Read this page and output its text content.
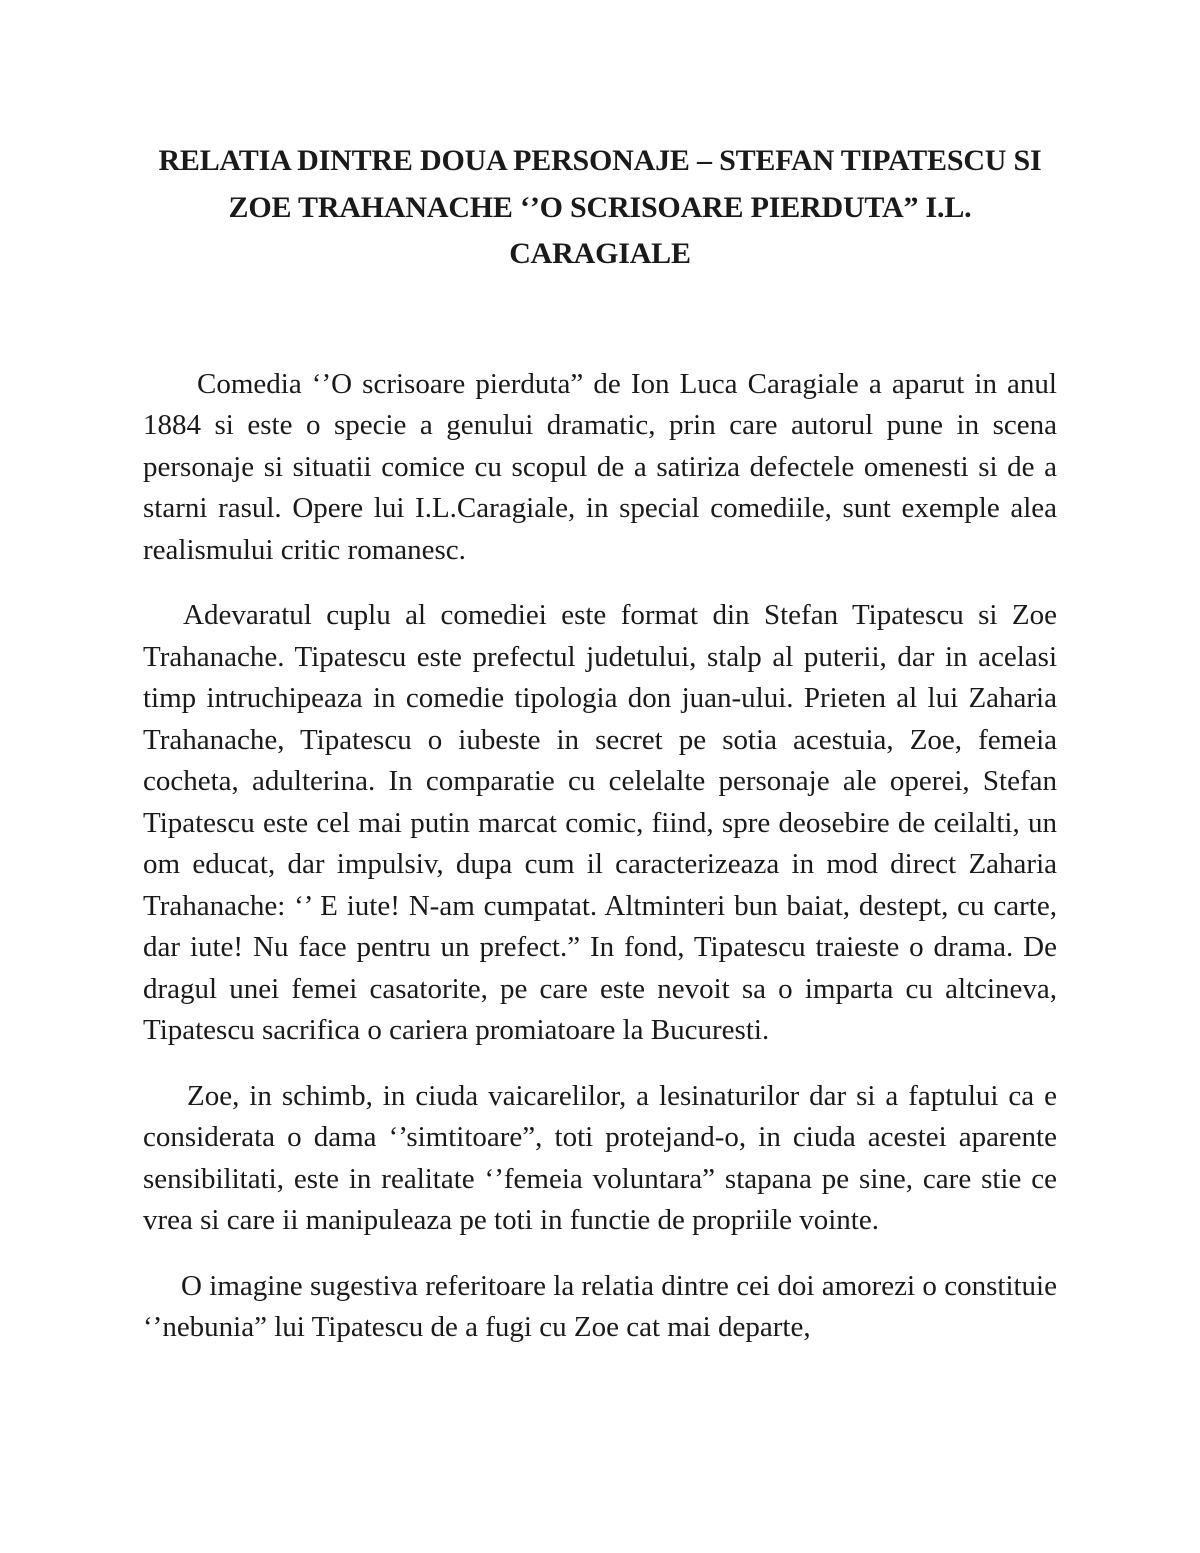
RELATIA DINTRE DOUA PERSONAJE – STEFAN TIPATESCU SI ZOE TRAHANACHE ‘’O SCRISOARE PIERDUTA” I.L. CARAGIALE

Comedia ‘’O scrisoare pierduta” de Ion Luca Caragiale a aparut in anul 1884 si este o specie a genului dramatic, prin care autorul pune in scena personaje si situatii comice cu scopul de a satiriza defectele omenesti si de a starni rasul. Opere lui I.L.Caragiale, in special comediile, sunt exemple alea realismului critic romanesc.

Adevaratul cuplu al comediei este format din Stefan Tipatescu si Zoe Trahanache. Tipatescu este prefectul judetului, stalp al puterii, dar in acelasi timp intruchipeaza in comedie tipologia don juan-ului. Prieten al lui Zaharia Trahanache, Tipatescu o iubeste in secret pe sotia acestuia, Zoe, femeia cocheta, adulterina. In comparatie cu celelalte personaje ale operei, Stefan Tipatescu este cel mai putin marcat comic, fiind, spre deosebire de ceilalti, un om educat, dar impulsiv, dupa cum il caracterizeaza in mod direct Zaharia Trahanache: ‘’ E iute! N-am cumpatat. Altminteri bun baiat, destept, cu carte, dar iute! Nu face pentru un prefect.” In fond, Tipatescu traieste o drama. De dragul unei femei casatorite, pe care este nevoit sa o imparta cu altcineva, Tipatescu sacrifica o cariera promiatoare la Bucuresti.

Zoe, in schimb, in ciuda vaicarelilor, a lesinaturilor dar si a faptului ca e considerata o dama ‘’simtitoare”, toti protejand-o, in ciuda acestei aparente sensibilitati, este in realitate ‘’femeia voluntara” stapana pe sine, care stie ce vrea si care ii manipuleaza pe toti in functie de propriile vointe.

O imagine sugestiva referitoare la relatia dintre cei doi amorezi o constituie ‘’nebunia” lui Tipatescu de a fugi cu Zoe cat mai departe,
